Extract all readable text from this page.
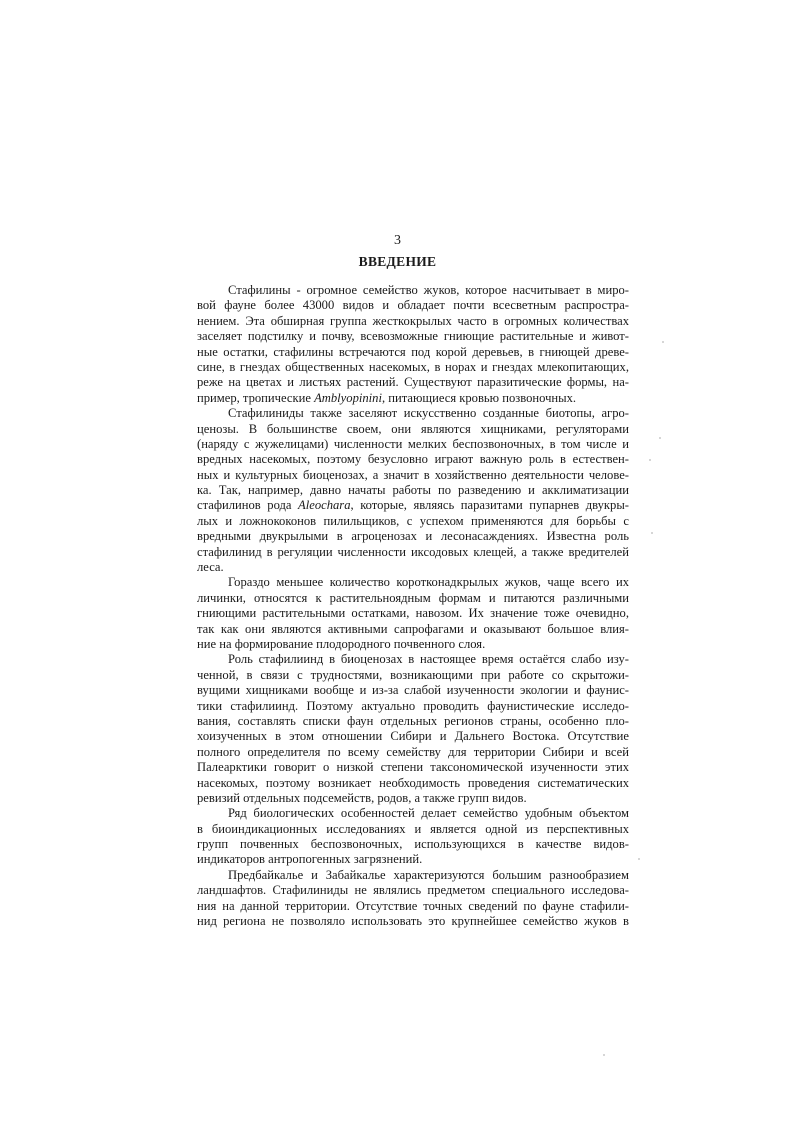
3
ВВЕДЕНИЕ

Стафилины - огромное семейство жуков, которое насчитывает в миро-
вой фауне более 43000 видов и обладает почти всесветным распростра-
нением. Эта обширная группа жесткокрылых часто в огромных количествах
заселяет подстилку и почву, всевозможные гниющие растительные и живот-
ные остатки, стафилины встречаются под корой деревьев, в гниющей древе-
сине, в гнездах общественных насекомых, в норах и гнездах млекопитающих,
реже на цветах и листьях растений. Существуют паразитические формы, на-
пример, тропические Amblyopinini, питающиеся кровью позвоночных.

Стафилиниды также заселяют искусственно созданные биотопы, агро-
ценозы. В большинстве своем, они являются хищниками, регуляторами
(наряду с жужелицами) численности мелких беспозвоночных, в том числе и
вредных насекомых, поэтому безусловно играют важную роль в естествен-
ных и культурных биоценозах, а значит в хозяйственно деятельности челове-
ка. Так, например, давно начаты работы по разведению и акклиматизации
стафилинов рода Aleochara, которые, являясь паразитами пупарнев двукры-
лых и ложнококонов пилильщиков, с успехом применяются для борьбы с
вредными двукрылыми в агроценозах и лесонасаждениях. Известна роль
стафилинид в регуляции численности иксодовых клещей, а также вредителей
леса.

Гораздо меньшее количество коротконадкрылых жуков, чаще всего их
личинки, относятся к растительноядным формам и питаются различными
гниющими растительными остатками, навозом. Их значение тоже очевидно,
так как они являются активными сапрофагами и оказывают большое влия-
ние на формирование плодородного почвенного слоя.

Роль стафилиинд в биоценозах в настоящее время остаётся слабо изу-
ченной, в связи с трудностями, возникающими при работе со скрытожи-
вущими хищниками вообще и из-за слабой изученности экологии и фаунис-
тики стафилиинд. Поэтому актуально проводить фаунистические исследо-
вания, составлять списки фаун отдельных регионов страны, особенно пло-
хоизученных в этом отношении Сибири и Дальнего Востока. Отсутствие
полного определителя по всему семейству для территории Сибири и всей
Палеарктики говорит о низкой степени таксономической изученности этих
насекомых, поэтому возникает необходимость проведения систематических
ревизий отдельных подсемейств, родов, а также групп видов.

Ряд биологических особенностей делает семейство удобным объектом
в биоиндикационных исследованиях и является одной из перспективных
групп почвенных беспозвоночных, использующихся в качестве видов-
индикаторов антропогенных загрязнений.

Предбайкалье и Забайкалье характеризуются большим разнообразием
ландшафтов. Стафилиниды не являлись предметом специального исследова-
ния на данной территории. Отсутствие точных сведений по фауне стафили-
нид региона не позволяло использовать это крупнейшее семейство жуков в
